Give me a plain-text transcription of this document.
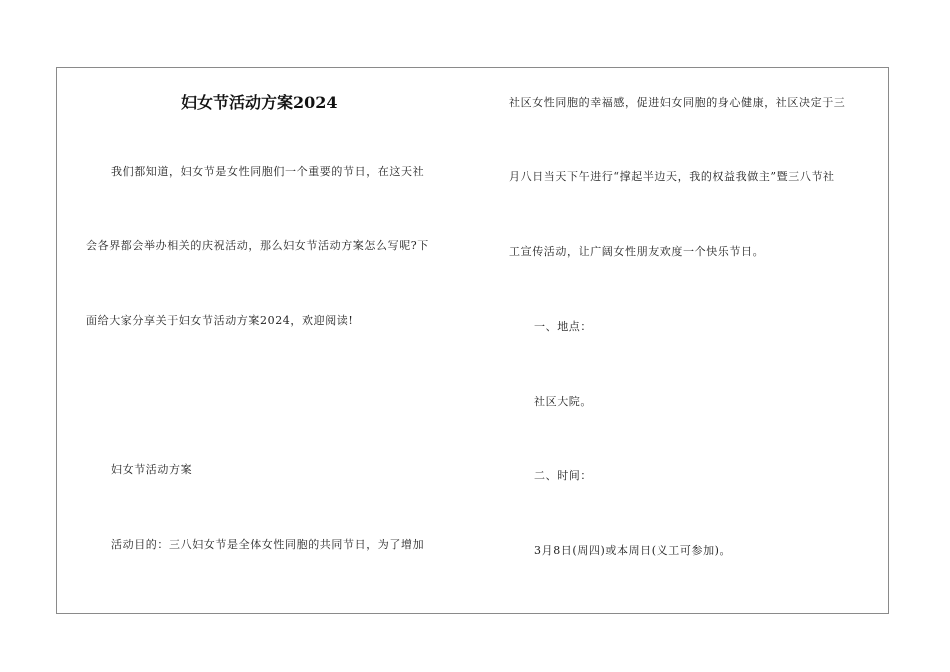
妇女节活动方案2024
我们都知道，妇女节是女性同胞们一个重要的节日，在这天社
会各界都会举办相关的庆祝活动，那么妇女节活动方案怎么写呢?下
面给大家分享关于妇女节活动方案2024，欢迎阅读!
妇女节活动方案
活动目的：三八妇女节是全体女性同胞的共同节日，为了增加
社区女性同胞的幸福感，促进妇女同胞的身心健康，社区决定于三
月八日当天下午进行“撑起半边天，我的权益我做主”暨三八节社
工宣传活动，让广阔女性朋友欢度一个快乐节日。
一、地点：
社区大院。
二、时间：
3月8日(周四)或本周日(义工可参加)。
